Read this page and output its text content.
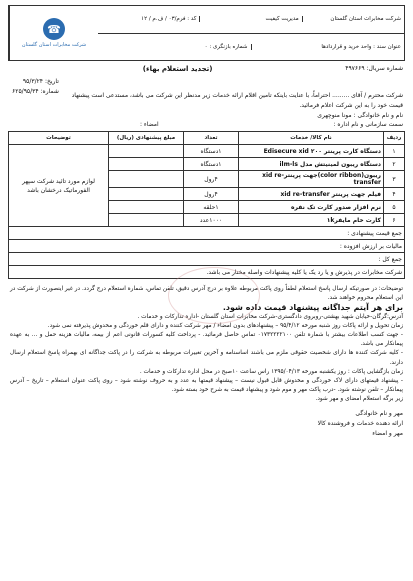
شرکت مخابرات استان گلستان
مدیریت کیفیت
کد : فرم/۰۳ / ف.م / ۱۲
عنوان سند : واحد خرید و قراردادها
شماره بازنگری : ۰
☎
شرکت مخابرات استان گلستان
شماره سریال: ۴۹۷۶۶۹
(تجدید استعلام بهاء)
تاریخ: ۹۵/۳/۲۴
شماره: ۶۲۵/۹۵/۳۴

شرکت محترم / آقای ......... احتراماً، با عنایت باینکه تامین اقلام ارائه خدمات زیر مدنظر این شرکت می باشد، مستدعی است پیشنهاد

قیمت خود را به این شرکت اعلام فرمائید.

نام و نام خانوادگی : مونا منوچهری

سمت سازمانی و نام اداره :
امضاء :
ردیف	نام کالا/ خدمات	تعداد	مبلغ پیشنهادی (ریال)	توضیحات
۱	دستگاه کارت پرینتر ۲۰۰ Edisecure xid	۱دستگاه		لوازم مورد تائید شرکت سپهر الفورماتیک درخشان باشد
۲	دستگاه ریبون لمینیتش مدل ilm-ls	۱دستگاه		
۳	ریبون(color ribbon)جهت پرینترxid re-transfer	۴رول		
۴	فیلم جهت پرینتر xid re-transfer	۴رول		
۵	نرم افزار صدور کارت تک نفره	۱حلقه		
۶	کارت خام مایفر۱k	۱۰۰۰عدد		
جمع قیمت پیشنهادی :				
مالیات بر ارزش افزوده :				
جمع کل :				
شرکت مخابرات در پذیرش و یا رد یک یا کلیه پیشنهادات واصله مختار می باشد.				

توضیحات: در صورتیکه ارسال پاسخ استعلام لطفاً روی پاکت مربوطه علاوه بر درج آدرس دقیق، تلفن تماس، شماره استعلام درج گردد. در غیر اینصورت از شرکت در این استعلام محروم خواهند شد.

برای هر آیتم جداگانه پیشنهاد قیمت داده شود.

آدرس:گرگان-خیابان شهید بهشتی-روبروی دادگستری-شرکت مخابرات استان گلستان -اداره تدارکات و خدمات .

زمان تحویل و ارائه پاکات روز شنبه مورخه ۹۵/۴/۱۲ – پیشنهادهای بدون امضاء / مهر شرکت کننده و دارای قلم خوردگی و مخدوش پذیرفته نمی شود.

- جهت کسب اطلاعات بیشتر با شماره تلفن ۰۱۷۳۲۲۲۲۱۰۰ تماس حاصل فرمائید. - پرداخت کلیه کسورات قانونی اعم از بیمه، مالیات هزینه حمل و ... به عهده پیمانکار می باشد.

- کلیه شرکت کننده ها دارای شخصیت حقوقی ملزم می باشند اساسنامه و آخرین تغییرات مربوطه به شرکت را در پاکت جداگانه ای بهمراه پاسخ استعلام ارسال دارند.

زمان بازگشایی پاکات : روز یکشنبه مورخه ۱۳۹۵/۰۴/۱۳ راس ساعت ۱۰صبح در محل اداره تدارکات و خدمات .

- پیشنهاد قیمتهای دارای لاک خوردگی و مخدوش قابل قبول نیست – پیشنهاد قیمتها به عدد و به حروف نوشته شود – روی پاکت عنوان استعلام – تاریخ – آدرس پیمانکار – تلفن نوشته شود. -درب پاکت مهر و موم شود و پیشنهاد قیمت به شرح خود بسته شود.

زیر برگه استعلام امضای و مهر شود.

مهر و نام خانوادگی
ارائه دهنده خدمات و فروشنده کالا
مهر و امضاء
